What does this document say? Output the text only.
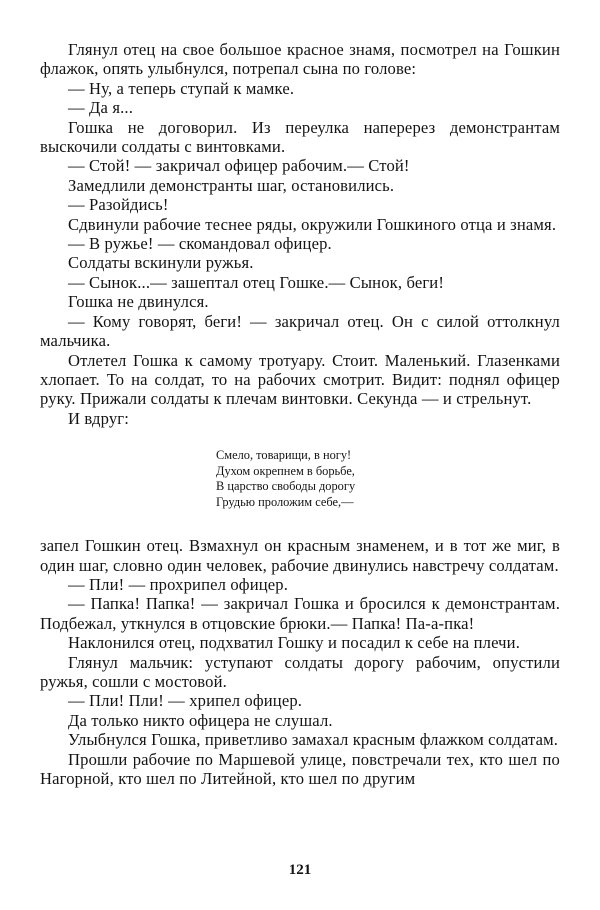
Глянул отец на свое большое красное знамя, посмотрел на Гошкин флажок, опять улыбнулся, потрепал сына по голове:

— Ну, а теперь ступай к мамке.

— Да я...

Гошка не договорил. Из переулка наперерез демонстрантам выскочили солдаты с винтовками.

— Стой! — закричал офицер рабочим.— Стой!

Замедлили демонстранты шаг, остановились.

— Разойдись!

Сдвинули рабочие теснее ряды, окружили Гошкиного отца и знамя.

— В ружье! — скомандовал офицер.

Солдаты вскинули ружья.

— Сынок...— зашептал отец Гошке.— Сынок, беги!

Гошка не двинулся.

— Кому говорят, беги! — закричал отец. Он с силой оттолкнул мальчика.

Отлетел Гошка к самому тротуару. Стоит. Маленький. Глазенками хлопает. То на солдат, то на рабочих смотрит. Видит: поднял офицер руку. Прижали солдаты к плечам винтовки. Секунда — и стрельнут.

И вдруг:

Смело, товарищи, в ногу!
Духом окрепнем в борьбе,
В царство свободы дорогу
Грудью проложим себе,—

запел Гошкин отец. Взмахнул он красным знаменем, и в тот же миг, в один шаг, словно один человек, рабочие двинулись навстречу солдатам.

— Пли! — прохрипел офицер.

— Папка! Папка! — закричал Гошка и бросился к демонстрантам. Подбежал, уткнулся в отцовские брюки.— Папка! Па-а-пка!

Наклонился отец, подхватил Гошку и посадил к себе на плечи.

Глянул мальчик: уступают солдаты дорогу рабочим, опустили ружья, сошли с мостовой.

— Пли! Пли! — хрипел офицер.

Да только никто офицера не слушал.

Улыбнулся Гошка, приветливо замахал красным флажком солдатам.

Прошли рабочие по Маршевой улице, повстречали тех, кто шел по Нагорной, кто шел по Литейной, кто шел по другим

121
